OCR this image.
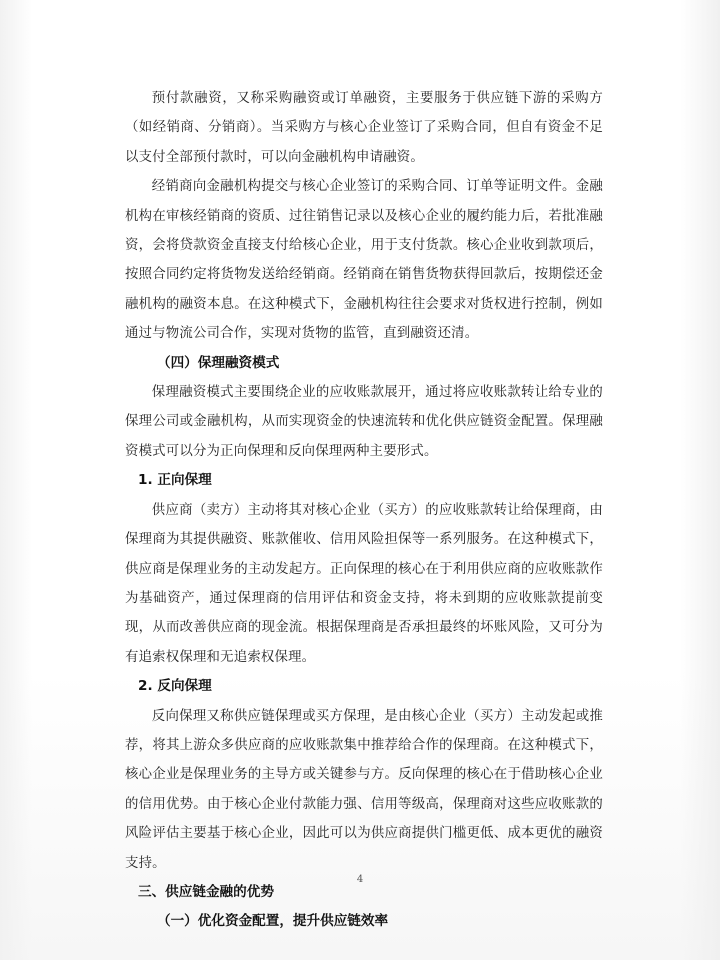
预付款融资，又称采购融资或订单融资，主要服务于供应链下游的采购方（如经销商、分销商）。当采购方与核心企业签订了采购合同，但自有资金不足以支付全部预付款时，可以向金融机构申请融资。

经销商向金融机构提交与核心企业签订的采购合同、订单等证明文件。金融机构在审核经销商的资质、过往销售记录以及核心企业的履约能力后，若批准融资，会将贷款资金直接支付给核心企业，用于支付货款。核心企业收到款项后，按照合同约定将货物发送给经销商。经销商在销售货物获得回款后，按期偿还金融机构的融资本息。在这种模式下，金融机构往往会要求对货权进行控制，例如通过与物流公司合作，实现对货物的监管，直到融资还清。

（四）保理融资模式

保理融资模式主要围绕企业的应收账款展开，通过将应收账款转让给专业的保理公司或金融机构，从而实现资金的快速流转和优化供应链资金配置。保理融资模式可以分为正向保理和反向保理两种主要形式。

1. 正向保理

供应商（卖方）主动将其对核心企业（买方）的应收账款转让给保理商，由保理商为其提供融资、账款催收、信用风险担保等一系列服务。在这种模式下，供应商是保理业务的主动发起方。正向保理的核心在于利用供应商的应收账款作为基础资产，通过保理商的信用评估和资金支持，将未到期的应收账款提前变现，从而改善供应商的现金流。根据保理商是否承担最终的坏账风险，又可分为有追索权保理和无追索权保理。

2. 反向保理

反向保理又称供应链保理或买方保理，是由核心企业（买方）主动发起或推荐，将其上游众多供应商的应收账款集中推荐给合作的保理商。在这种模式下，核心企业是保理业务的主导方或关键参与方。反向保理的核心在于借助核心企业的信用优势。由于核心企业付款能力强、信用等级高，保理商对这些应收账款的风险评估主要基于核心企业，因此可以为供应商提供门槛更低、成本更优的融资支持。

三、供应链金融的优势

（一）优化资金配置，提升供应链效率

4
